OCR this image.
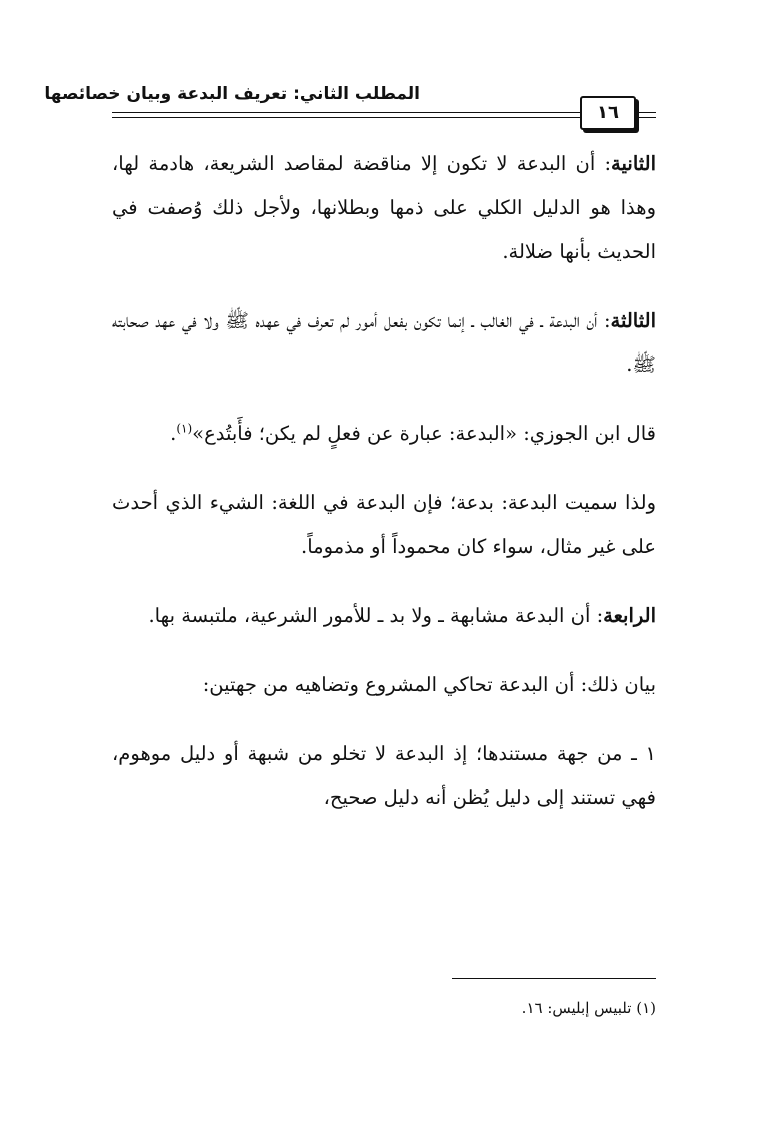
المطلب الثاني: تعريف البدعة وبيان خصائصها
١٦

الثانية: أن البدعة لا تكون إلا مناقضة لمقاصد الشريعة، هادمة لها، وهذا هو الدليل الكلي على ذمها وبطلانها، ولأجل ذلك وُصفت في الحديث بأنها ضلالة.

الثالثة: أن البدعة ـ في الغالب ـ إنما تكون بفعل أمور لم تعرف في عهده ﷺ ولا في عهد صحابته ﷺ.

قال ابن الجوزي: «البدعة: عبارة عن فعلٍ لم يكن؛ فأَبتُدع»$^{(١)}$.

ولذا سميت البدعة: بدعة؛ فإن البدعة في اللغة: الشيء الذي أحدث على غير مثال، سواء كان محموداً أو مذموماً.

الرابعة: أن البدعة مشابهة ـ ولا بد ـ للأمور الشرعية، ملتبسة بها.

بيان ذلك: أن البدعة تحاكي المشروع وتضاهيه من جهتين:

١ ـ من جهة مستندها؛ إذ البدعة لا تخلو من شبهة أو دليل موهوم، فهي تستند إلى دليل يُظن أنه دليل صحيح،

(١) تلبيس إبليس: ١٦.
